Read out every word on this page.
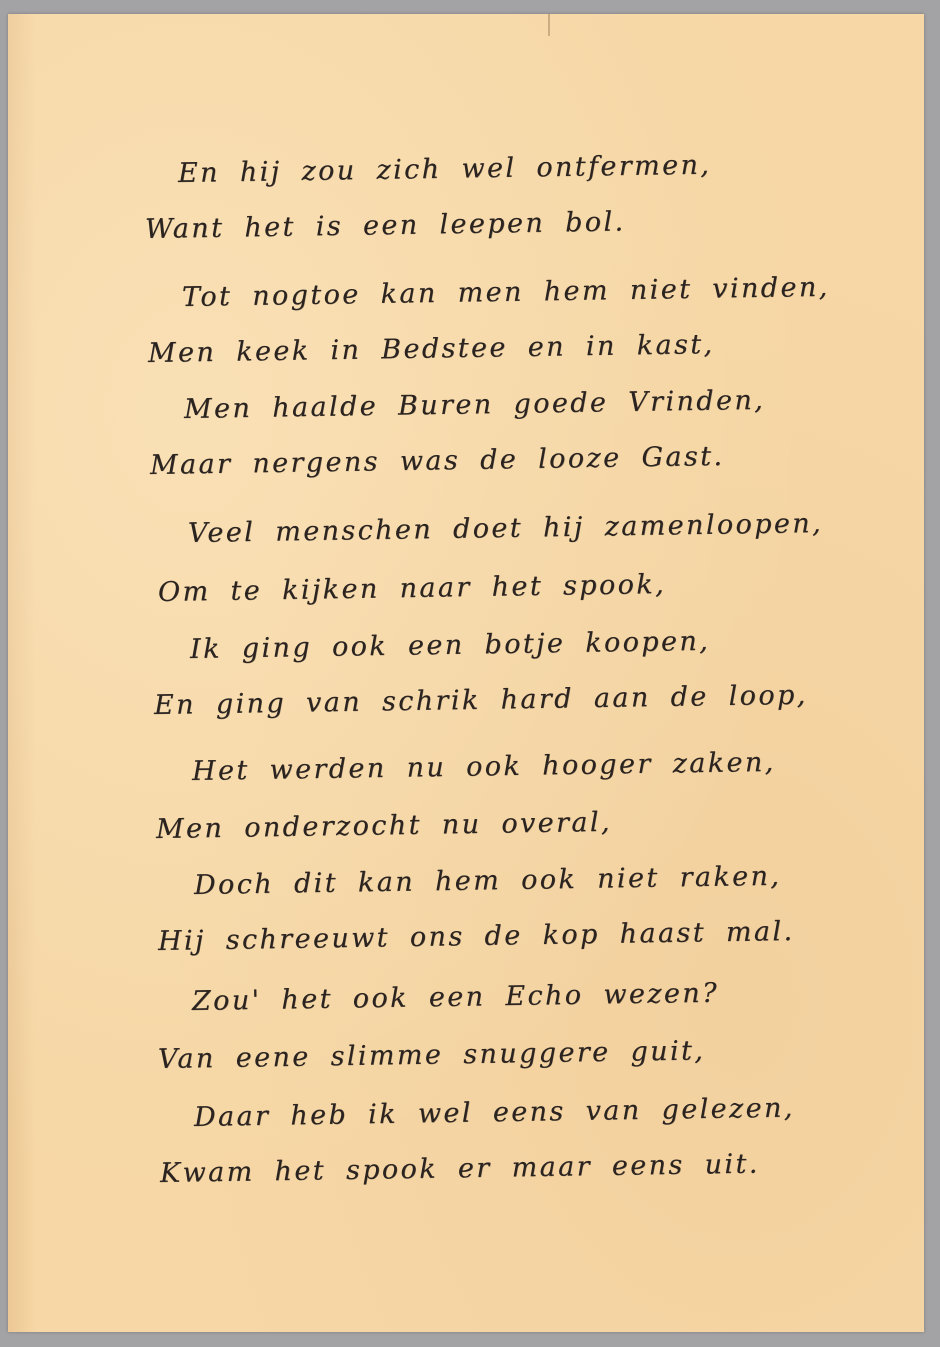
En hij zou zich wel ontfermen,

Want het is een leepen bol.

Tot nogtoe kan men hem niet vinden,

Men keek in Bedstee en in kast,

Men haalde Buren goede Vrinden,

Maar nergens was de looze Gast.

Veel menschen doet hij zamenloopen,

Om te kijken naar het spook,

Ik ging ook een botje koopen,

En ging van schrik hard aan de loop,

Het werden nu ook hooger zaken,

Men onderzocht nu overal,

Doch dit kan hem ook niet raken,

Hij schreeuwt ons de kop haast mal.

Zou' het ook een Echo wezen?

Van eene slimme snuggere guit,

Daar heb ik wel eens van gelezen,

Kwam het spook er maar eens uit.
